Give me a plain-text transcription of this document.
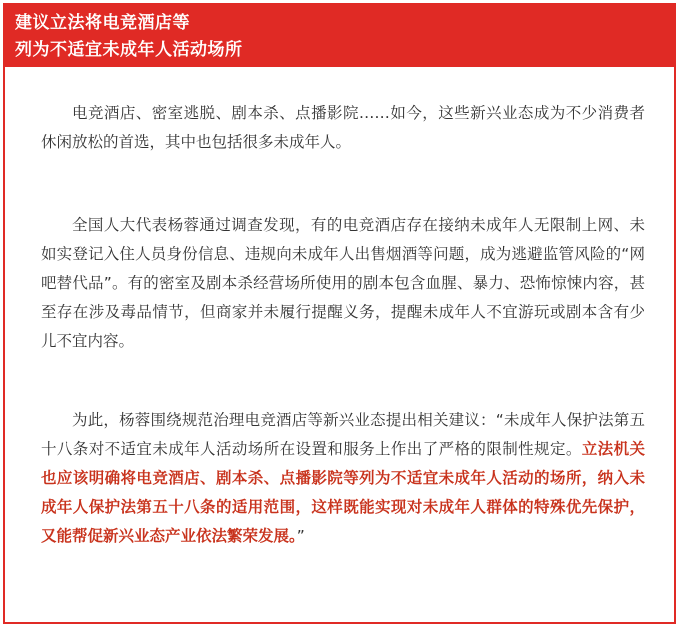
建议立法将电竞酒店等
列为不适宜未成年人活动场所

电竞酒店、密室逃脱、剧本杀、点播影院……如今，这些新兴业态成为不少消费者休闲放松的首选，其中也包括很多未成年人。

全国人大代表杨蓉通过调查发现，有的电竞酒店存在接纳未成年人无限制上网、未如实登记入住人员身份信息、违规向未成年人出售烟酒等问题，成为逃避监管风险的“网吧替代品”。有的密室及剧本杀经营场所使用的剧本包含血腥、暴力、恐怖惊悚内容，甚至存在涉及毒品情节，但商家并未履行提醒义务，提醒未成年人不宜游玩或剧本含有少儿不宜内容。

为此，杨蓉围绕规范治理电竞酒店等新兴业态提出相关建议：“未成年人保护法第五十八条对不适宜未成年人活动场所在设置和服务上作出了严格的限制性规定。立法机关也应该明确将电竞酒店、剧本杀、点播影院等列为不适宜未成年人活动的场所，纳入未成年人保护法第五十八条的适用范围，这样既能实现对未成年人群体的特殊优先保护，又能帮促新兴业态产业依法繁荣发展。”
